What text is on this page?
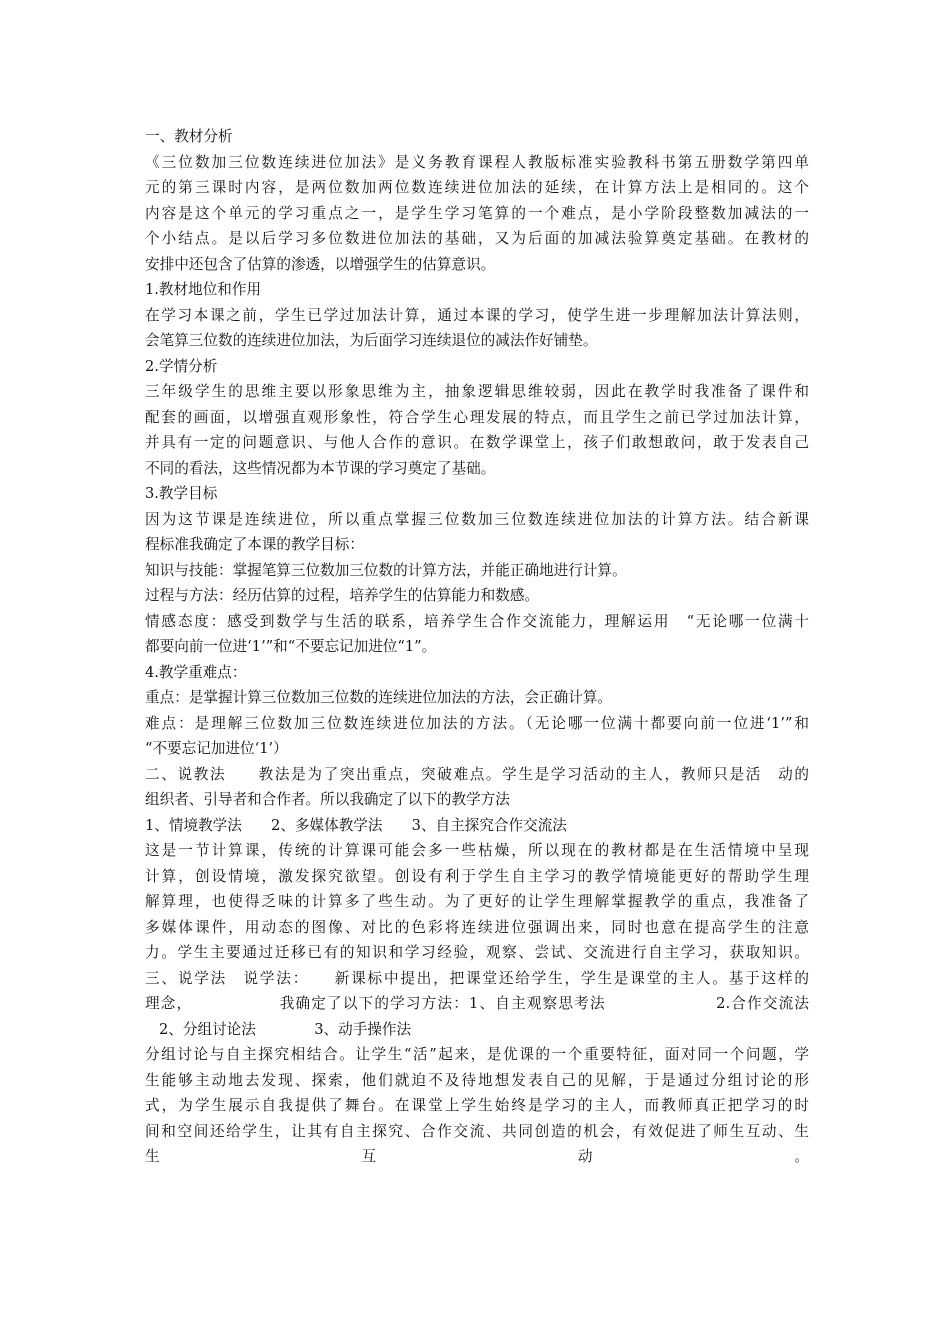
一、教材分析
《三位数加三位数连续进位加法》是义务教育课程人教版标准实验教科书第五册数学第四单
元的第三课时内容，是两位数加两位数连续进位加法的延续，在计算方法上是相同的。这个
内容是这个单元的学习重点之一，是学生学习笔算的一个难点，是小学阶段整数加减法的一
个小结点。是以后学习多位数进位加法的基础，又为后面的加减法验算奠定基础。在教材的
安排中还包含了估算的渗透，以增强学生的估算意识。
1.教材地位和作用
在学习本课之前，学生已学过加法计算，通过本课的学习，使学生进一步理解加法计算法则，
会笔算三位数的连续进位加法，为后面学习连续退位的减法作好铺垫。
2.学情分析
三年级学生的思维主要以形象思维为主，抽象逻辑思维较弱，因此在教学时我准备了课件和
配套的画面，以增强直观形象性，符合学生心理发展的特点，而且学生之前已学过加法计算，
并具有一定的问题意识、与他人合作的意识。在数学课堂上，孩子们敢想敢问，敢于发表自己
不同的看法，这些情况都为本节课的学习奠定了基础。
3.教学目标
因为这节课是连续进位，所以重点掌握三位数加三位数连续进位加法的计算方法。结合新课
程标准我确定了本课的教学目标：
知识与技能：掌握笔算三位数加三位数的计算方法，并能正确地进行计算。
过程与方法：经历估算的过程，培养学生的估算能力和数感。
情感态度：感受到数学与生活的联系，培养学生合作交流能力，理解运用　“无论哪一位满十
都要向前一位进‘1’”和“不要忘记加进位“1”。
4.教学重难点：
重点：是掌握计算三位数加三位数的连续进位加法的方法，会正确计算。
难点：是理解三位数加三位数连续进位加法的方法。（无论哪一位满十都要向前一位进‘1’”和
“不要忘记加进位‘1’）
二、说教法　　教法是为了突出重点，突破难点。学生是学习活动的主人，教师只是活　动的
组织者、引导者和合作者。所以我确定了以下的教学方法
1、情境教学法　　2、多媒体教学法　　3、自主探究合作交流法
这是一节计算课，传统的计算课可能会多一些枯燥，所以现在的教材都是在生活情境中呈现
计算，创设情境，激发探究欲望。创设有利于学生自主学习的教学情境能更好的帮助学生理
解算理，也使得乏味的计算多了些生动。为了更好的让学生理解掌握教学的重点，我准备了
多媒体课件，用动态的图像、对比的色彩将连续进位强调出来，同时也意在提高学生的注意
力。学生主要通过迁移已有的知识和学习经验，观察、尝试、交流进行自主学习，获取知识。
三、说学法　说学法：　　新课标中提出，把课堂还给学生，学生是课堂的主人。基于这样的
理念，　　　　　　我确定了以下的学习方法：1、自主观察思考法　　　　　　　2.合作交流法
2、分组讨论法　　　　3、动手操作法
分组讨论与自主探究相结合。让学生“活”起来，是优课的一个重要特征，面对同一个问题，学
生能够主动地去发现、探索，他们就迫不及待地想发表自己的见解，于是通过分组讨论的形
式，为学生展示自我提供了舞台。在课堂上学生始终是学习的主人，而教师真正把学习的时
间和空间还给学生，让其有自主探究、合作交流、共同创造的机会，有效促进了师生互动、生
生互动。
